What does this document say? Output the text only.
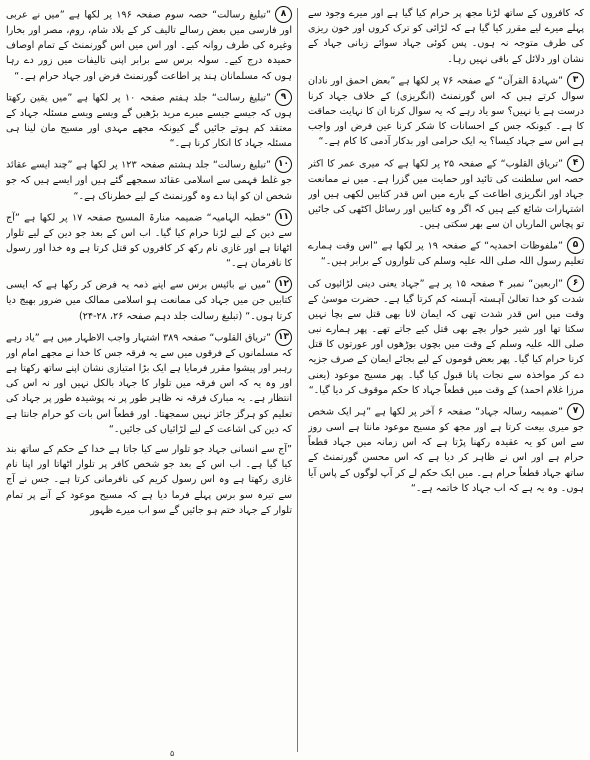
کہ کافروں کے ساتھ لڑنا مجھ پر حرام کیا گیا ہے اور میرے وجود سے پہلے میرے لیے مقرر کیا گیا ہے کہ لڑائی کو ترک کروں اور خون ریزی کی طرف متوجہ نہ ہوں۔ پس کوئی جہاد سوائے زبانی جہاد کے نشان اور دلائل کے باقی نہیں رہا۔

۳”شہادۃ القرآن“ کے صفحہ ۷۶ پر لکھا ہے ”بعض احمق اور نادان سوال کرتے ہیں کہ اس گورنمنٹ (انگریزی) کے خلاف جہاد کرنا درست ہے یا نہیں؟ سو یاد رہے کہ یہ سوال کرنا ان کا نہایت حماقت کا ہے۔ کیونکہ جس کے احسانات کا شکر کرنا عین فرض اور واجب ہے اس سے جہاد کیسا؟ یہ ایک حرامی اور بدکار آدمی کا کام ہے۔“

۴”تریاق القلوب“ کے صفحہ ۲۵ پر لکھا ہے کہ میری عمر کا اکثر حصہ اس سلطنت کی تائید اور حمایت میں گزرا ہے۔ میں نے ممانعت جہاد اور انگریزی اطاعت کے بارے میں اس قدر کتابیں لکھی ہیں اور اشتہارات شائع کیے ہیں کہ اگر وہ کتابیں اور رسائل اکٹھی کی جائیں تو پچاس الماریاں ان سے بھر سکتی ہیں۔

۵”ملفوظات احمدیہ“ کے صفحہ ۱۹ پر لکھا ہے ”اس وقت ہمارے تعلیم رسول اللہ صلی اللہ علیہ وسلم کی تلواروں کے برابر ہیں۔“

۶”اربعین“ نمبر ۴ صفحہ ۱۵ پر ہے ”جہاد یعنی دینی لڑائیوں کی شدت کو خدا تعالیٰ آہستہ آہستہ کم کرتا گیا ہے۔ حضرت موسیٰ کے وقت میں اس قدر شدت تھی کہ ایمان لانا بھی قتل سے بچا نہیں سکتا تھا اور شیر خوار بچے بھی قتل کیے جاتے تھے۔ پھر ہمارے نبی صلی اللہ علیہ وسلم کے وقت میں بچوں بوڑھوں اور عورتوں کا قتل کرنا حرام کیا گیا۔ پھر بعض قوموں کے لیے بجائے ایمان کے صرف جزیہ دے کر مواخذہ سے نجات پانا قبول کیا گیا۔ پھر مسیح موعود (یعنی مرزا غلام احمد) کے وقت میں قطعاً جہاد کا حکم موقوف کر دیا گیا۔“

۷”ضمیمہ رسالہ جہاد“ صفحہ ۶ آخر پر لکھا ہے ”ہر ایک شخص جو میری بیعت کرتا ہے اور مجھ کو مسیح موعود مانتا ہے اسی روز سے اس کو یہ عقیدہ رکھنا پڑتا ہے کہ اس زمانہ میں جہاد قطعاً حرام ہے اور اس نے ظاہر کر دیا ہے کہ اس محسن گورنمنٹ کے ساتھ جہاد قطعاً حرام ہے۔ میں ایک حکم لے کر آپ لوگوں کے پاس آیا ہوں۔ وہ یہ ہے کہ اب جہاد کا خاتمہ ہے۔“

۸”تبلیغ رسالت“ حصہ سوم صفحہ ۱۹۶ پر لکھا ہے ”میں نے عربی اور فارسی میں بعض رسالے تالیف کر کے بلاد شام، روم، مصر اور بخارا وغیرہ کی طرف روانہ کیے۔ اور اس میں اس گورنمنٹ کے تمام اوصاف حمیدہ درج کیے۔ سولہ برس سے برابر اپنی تالیفات میں زور دے رہا ہوں کہ مسلمانان ہند پر اطاعت گورنمنٹ فرض اور جہاد حرام ہے۔“

۹”تبلیغ رسالت“ جلد ہفتم صفحہ ۱۰ پر لکھا ہے ”میں یقین رکھتا ہوں کہ جیسے جیسے میرے مرید بڑھیں گے ویسے ویسے مسئلہ جہاد کے معتقد کم ہوتے جائیں گے کیونکہ مجھے مہدی اور مسیح مان لینا ہی مسئلہ جہاد کا انکار کرنا ہے۔“

۱۰”تبلیغ رسالت“ جلد ہشتم صفحہ ۱۲۳ پر لکھا ہے ”چند ایسے عقائد جو غلط فہمی سے اسلامی عقائد سمجھے گئے ہیں اور ایسے ہیں کہ جو شخص ان کو اپنا دے وہ گورنمنٹ کے لیے خطرناک ہے۔“

۱۱”خطبہ الہامیہ“ ضمیمہ منارۃ المسیح صفحہ ۱۷ پر لکھا ہے ”آج سے دین کے لیے لڑنا حرام کیا گیا۔ اب اس کے بعد جو دین کے لیے تلوار اٹھاتا ہے اور غازی نام رکھ کر کافروں کو قتل کرتا ہے وہ خدا اور رسول کا نافرمان ہے۔“

۱۲”میں نے بائیس برس سے اپنے ذمہ یہ فرض کر رکھا ہے کہ ایسی کتابیں جن میں جہاد کی ممانعت ہو اسلامی ممالک میں ضرور بھیج دیا کرتا ہوں۔“ (تبلیغ رسالت جلد دہم صفحہ ۲۶، ۲۸-۲۴)

۱۳”تریاق القلوب“ صفحہ ۳۸۹ اشتہار واجب الاظہار میں ہے ”یاد رہے کہ مسلمانوں کے فرقوں میں سے یہ فرقہ جس کا خدا نے مجھے امام اور رہبر اور پیشوا مقرر فرمایا ہے ایک بڑا امتیازی نشان اپنے ساتھ رکھتا ہے اور وہ یہ کہ اس فرقہ میں تلوار کا جہاد بالکل نہیں اور نہ اس کی انتظار ہے۔ یہ مبارک فرقہ نہ ظاہر طور پر نہ پوشیدہ طور پر جہاد کی تعلیم کو ہرگز جائز نہیں سمجھتا۔ اور قطعاً اس بات کو حرام جانتا ہے کہ دین کی اشاعت کے لیے لڑائیاں کی جائیں۔“

”آج سے انسانی جہاد جو تلوار سے کیا جاتا ہے خدا کے حکم کے ساتھ بند کیا گیا ہے۔ اب اس کے بعد جو شخص کافر پر تلوار اٹھاتا اور اپنا نام غازی رکھتا ہے وہ اس رسول کریم کی نافرمانی کرتا ہے۔ جس نے آج سے تیرہ سو برس پہلے فرما دیا ہے کہ مسیح موعود کے آنے پر تمام تلوار کے جہاد ختم ہو جائیں گے سو اب میرے ظہور

۵
